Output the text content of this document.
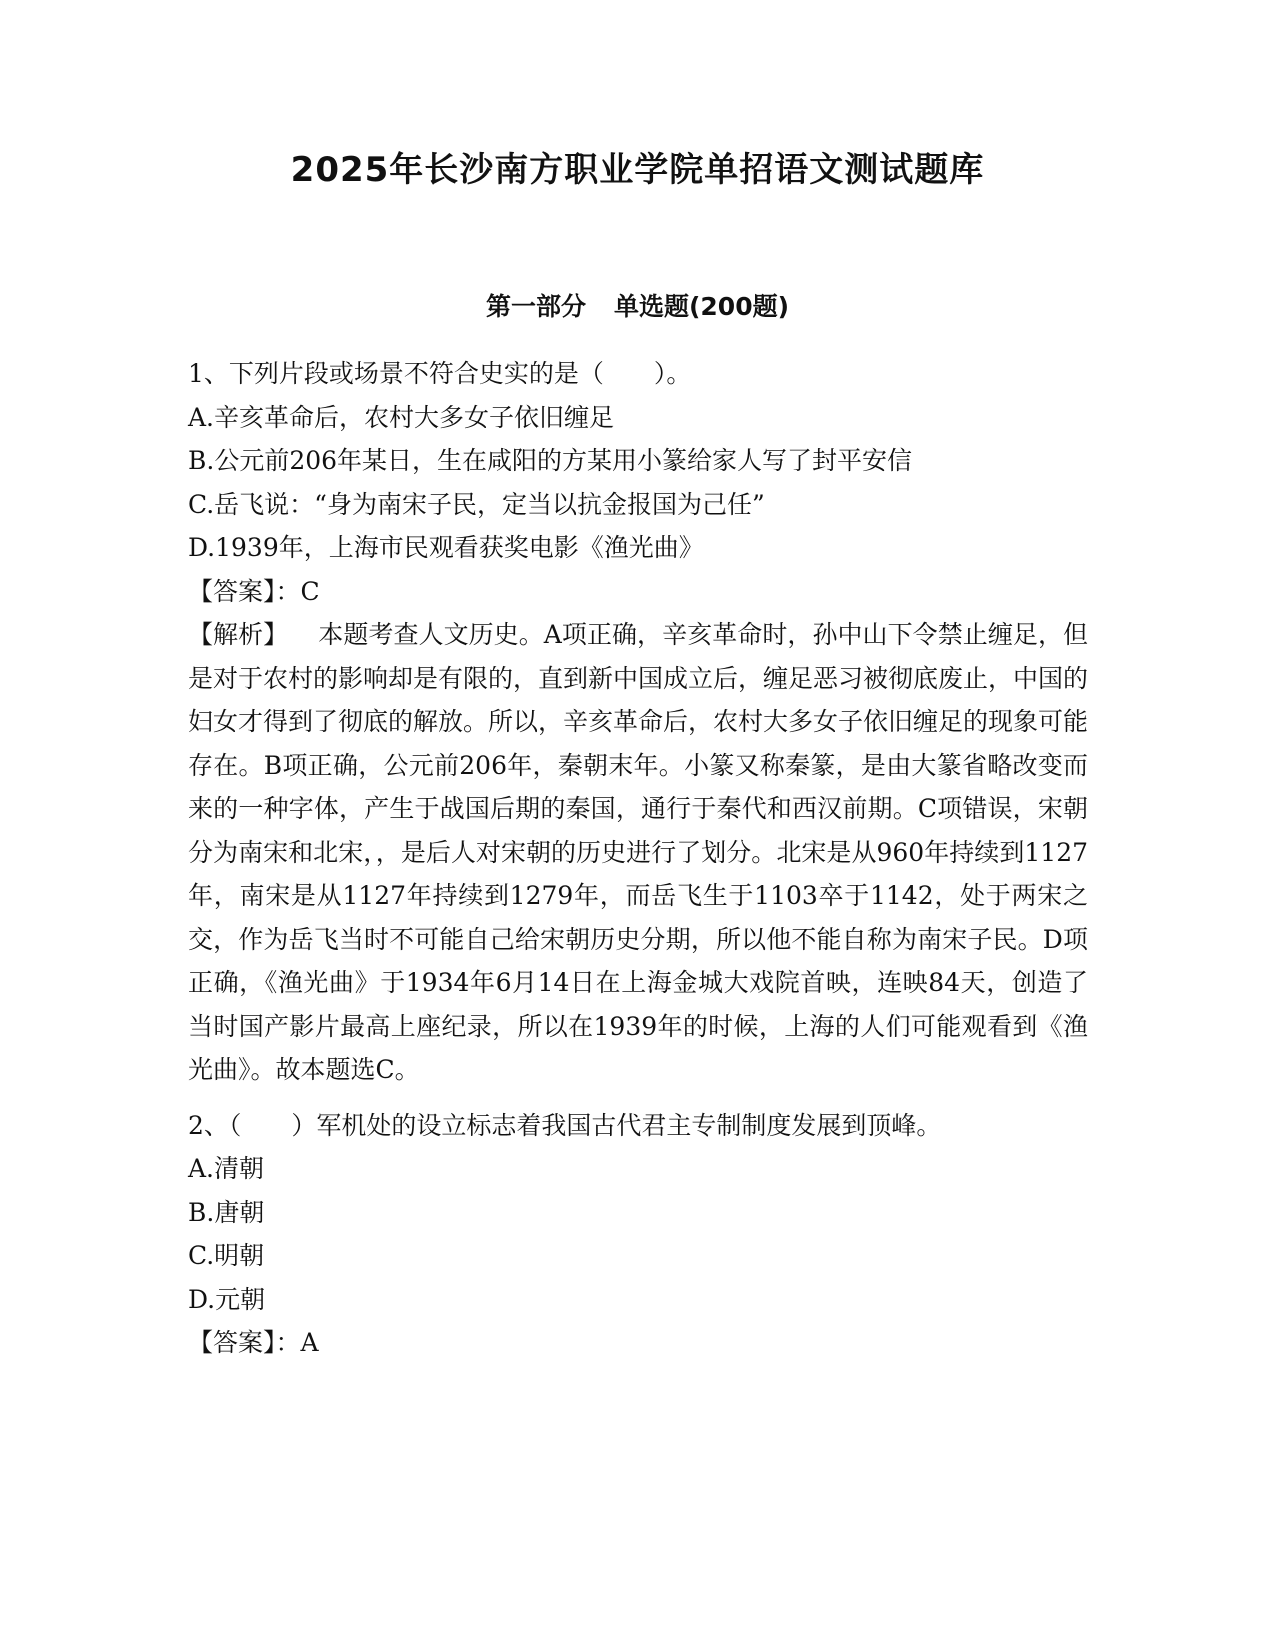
2025年长沙南方职业学院单招语文测试题库
第一部分 单选题(200题)
1、下列片段或场景不符合史实的是（　　）。
A.辛亥革命后，农村大多女子依旧缠足
B.公元前206年某日，生在咸阳的方某用小篆给家人写了封平安信
C.岳飞说：“身为南宋子民，定当以抗金报国为己任”
D.1939年，上海市民观看获奖电影《渔光曲》
【答案】：C
【解析】 本题考查人文历史。A项正确，辛亥革命时，孙中山下令禁止缠足，但是对于农村的影响却是有限的，直到新中国成立后，缠足恶习被彻底废止，中国的妇女才得到了彻底的解放。所以，辛亥革命后，农村大多女子依旧缠足的现象可能存在。B项正确，公元前206年，秦朝末年。小篆又称秦篆，是由大篆省略改变而来的一种字体，产生于战国后期的秦国，通行于秦代和西汉前期。C项错误，宋朝分为南宋和北宋，，是后人对宋朝的历史进行了划分。北宋是从960年持续到1127年，南宋是从1127年持续到1279年，而岳飞生于1103卒于1142，处于两宋之交，作为岳飞当时不可能自己给宋朝历史分期，所以他不能自称为南宋子民。D项正确，《渔光曲》于1934年6月14日在上海金城大戏院首映，连映84天，创造了当时国产影片最高上座纪录，所以在1939年的时候，上海的人们可能观看到《渔光曲》。故本题选C。
2、（　　）军机处的设立标志着我国古代君主专制制度发展到顶峰。
A.清朝
B.唐朝
C.明朝
D.元朝
【答案】：A
